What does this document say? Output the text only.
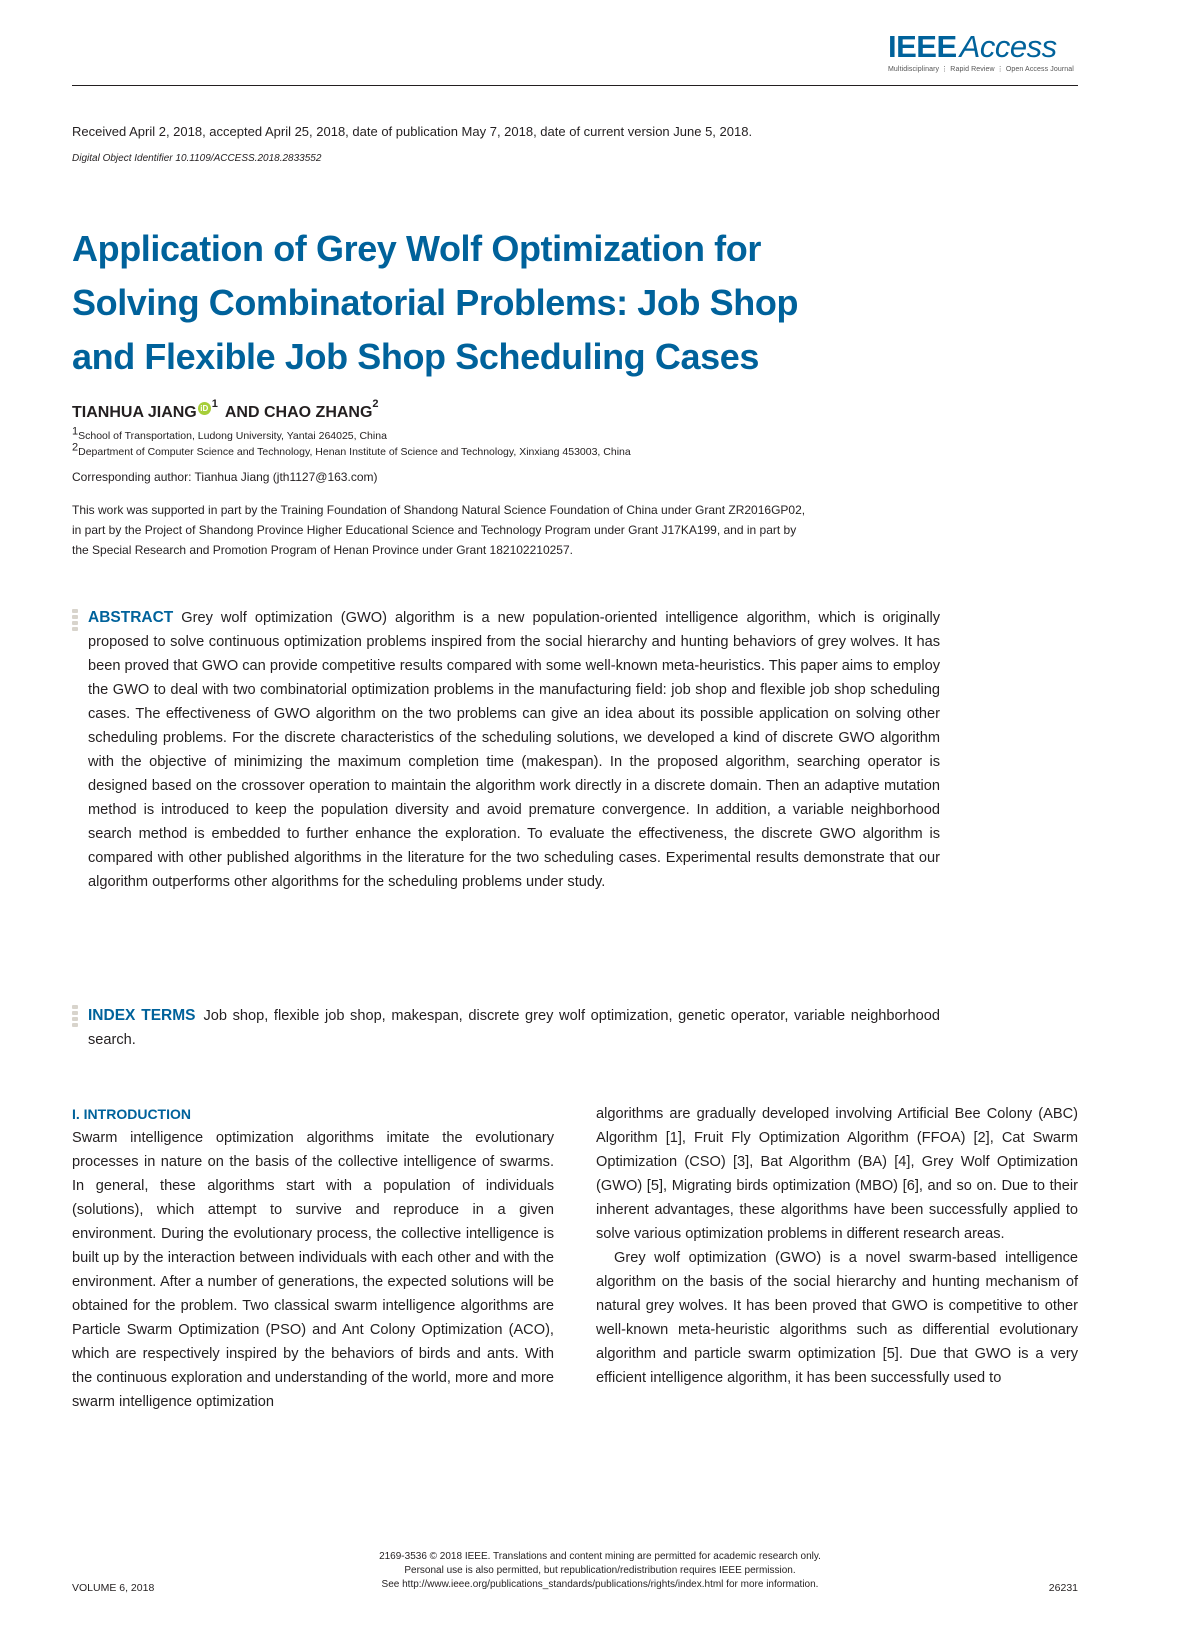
IEEEAccess
Multidisciplinary ⋮ Rapid Review ⋮ Open Access Journal
Received April 2, 2018, accepted April 25, 2018, date of publication May 7, 2018, date of current version June 5, 2018.
Digital Object Identifier 10.1109/ACCESS.2018.2833552
Application of Grey Wolf Optimization for
Solving Combinatorial Problems: Job Shop
and Flexible Job Shop Scheduling Cases
TIANHUA JIANG iD 1 AND CHAO ZHANG 2
1School of Transportation, Ludong University, Yantai 264025, China
2Department of Computer Science and Technology, Henan Institute of Science and Technology, Xinxiang 453003, China
Corresponding author: Tianhua Jiang (jth1127@163.com)

This work was supported in part by the Training Foundation of Shandong Natural Science Foundation of China under Grant ZR2016GP02,
in part by the Project of Shandong Province Higher Educational Science and Technology Program under Grant J17KA199, and in part by
the Special Research and Promotion Program of Henan Province under Grant 182102210257.

ABSTRACT Grey wolf optimization (GWO) algorithm is a new population-oriented intelligence algorithm, which is originally proposed to solve continuous optimization problems inspired from the social hierarchy and hunting behaviors of grey wolves. It has been proved that GWO can provide competitive results compared with some well-known meta-heuristics. This paper aims to employ the GWO to deal with two combinatorial optimization problems in the manufacturing field: job shop and flexible job shop scheduling cases. The effectiveness of GWO algorithm on the two problems can give an idea about its possible application on solving other scheduling problems. For the discrete characteristics of the scheduling solutions, we developed a kind of discrete GWO algorithm with the objective of minimizing the maximum completion time (makespan). In the proposed algorithm, searching operator is designed based on the crossover operation to maintain the algorithm work directly in a discrete domain. Then an adaptive mutation method is introduced to keep the population diversity and avoid premature convergence. In addition, a variable neighborhood search method is embedded to further enhance the exploration. To evaluate the effectiveness, the discrete GWO algorithm is compared with other published algorithms in the literature for the two scheduling cases. Experimental results demonstrate that our algorithm outperforms other algorithms for the scheduling problems under study.

INDEX TERMS Job shop, flexible job shop, makespan, discrete grey wolf optimization, genetic operator, variable neighborhood search.

I. INTRODUCTION

Swarm intelligence optimization algorithms imitate the evolutionary processes in nature on the basis of the collective intelligence of swarms. In general, these algorithms start with a population of individuals (solutions), which attempt to survive and reproduce in a given environment. During the evolutionary process, the collective intelligence is built up by the interaction between individuals with each other and with the environment. After a number of generations, the expected solutions will be obtained for the problem. Two classical swarm intelligence algorithms are Particle Swarm Optimization (PSO) and Ant Colony Optimization (ACO), which are respectively inspired by the behaviors of birds and ants. With the continuous exploration and understanding of the world, more and more swarm intelligence optimization

algorithms are gradually developed involving Artificial Bee Colony (ABC) Algorithm [1], Fruit Fly Optimization Algorithm (FFOA) [2], Cat Swarm Optimization (CSO) [3], Bat Algorithm (BA) [4], Grey Wolf Optimization (GWO) [5], Migrating birds optimization (MBO) [6], and so on. Due to their inherent advantages, these algorithms have been successfully applied to solve various optimization problems in different research areas.

Grey wolf optimization (GWO) is a novel swarm-based intelligence algorithm on the basis of the social hierarchy and hunting mechanism of natural grey wolves. It has been proved that GWO is competitive to other well-known meta-heuristic algorithms such as differential evolutionary algorithm and particle swarm optimization [5]. Due that GWO is a very efficient intelligence algorithm, it has been successfully used to

VOLUME 6, 2018
2169-3536 © 2018 IEEE. Translations and content mining are permitted for academic research only.
Personal use is also permitted, but republication/redistribution requires IEEE permission.
See http://www.ieee.org/publications_standards/publications/rights/index.html for more information.	26231
